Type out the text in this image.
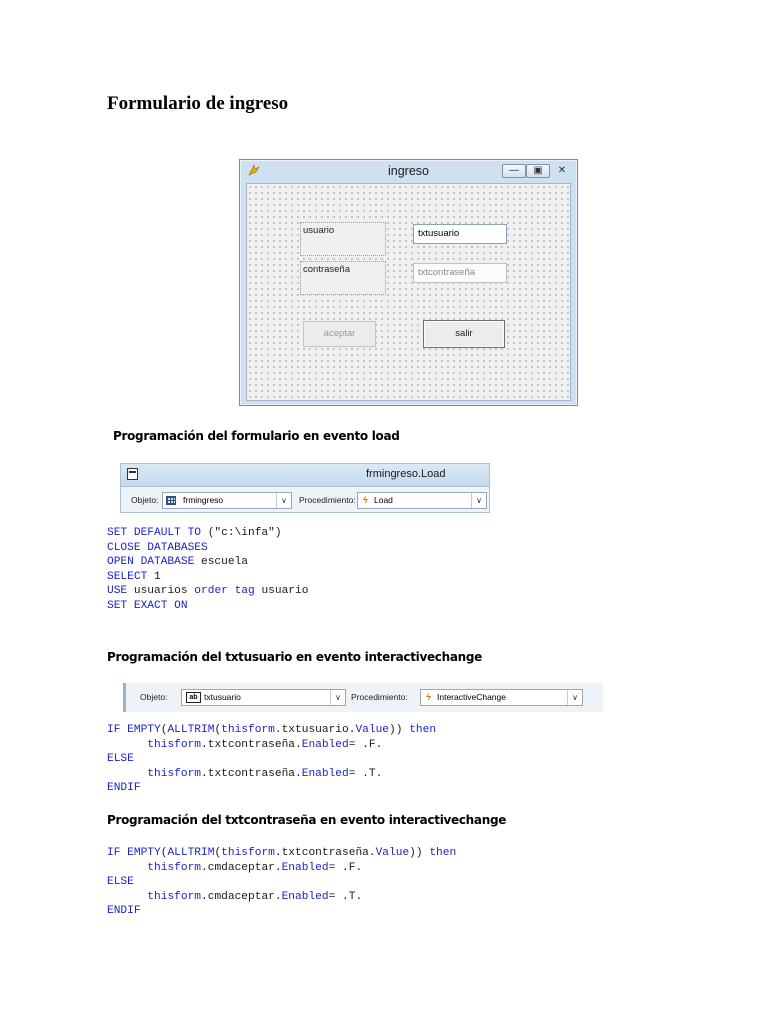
Formulario de ingreso
ingreso	—	▣	✕
usuario	txtusuario
contraseña	txtcontraseña
aceptar	salir
Programación del formulario en evento load
frmingreso.Load
Objeto:	frmingreso	∨	Procedimiento: ϟ Load	∨
SET DEFAULT TO ("c:\infa")
CLOSE DATABASES
OPEN DATABASE escuela
SELECT 1
USE usuarios order tag usuario
SET EXACT ON
Programación del txtusuario en evento interactivechange
Objeto:	ab txtusuario	∨	Procedimiento: ϟ InteractiveChange	∨
IF EMPTY(ALLTRIM(thisform.txtusuario.Value)) then
thisform.txtcontraseña.Enabled= .F.
ELSE
thisform.txtcontraseña.Enabled= .T.
ENDIF
Programación del txtcontraseña en evento interactivechange
IF EMPTY(ALLTRIM(thisform.txtcontraseña.Value)) then
thisform.cmdaceptar.Enabled= .F.
ELSE
thisform.cmdaceptar.Enabled= .T.
ENDIF
